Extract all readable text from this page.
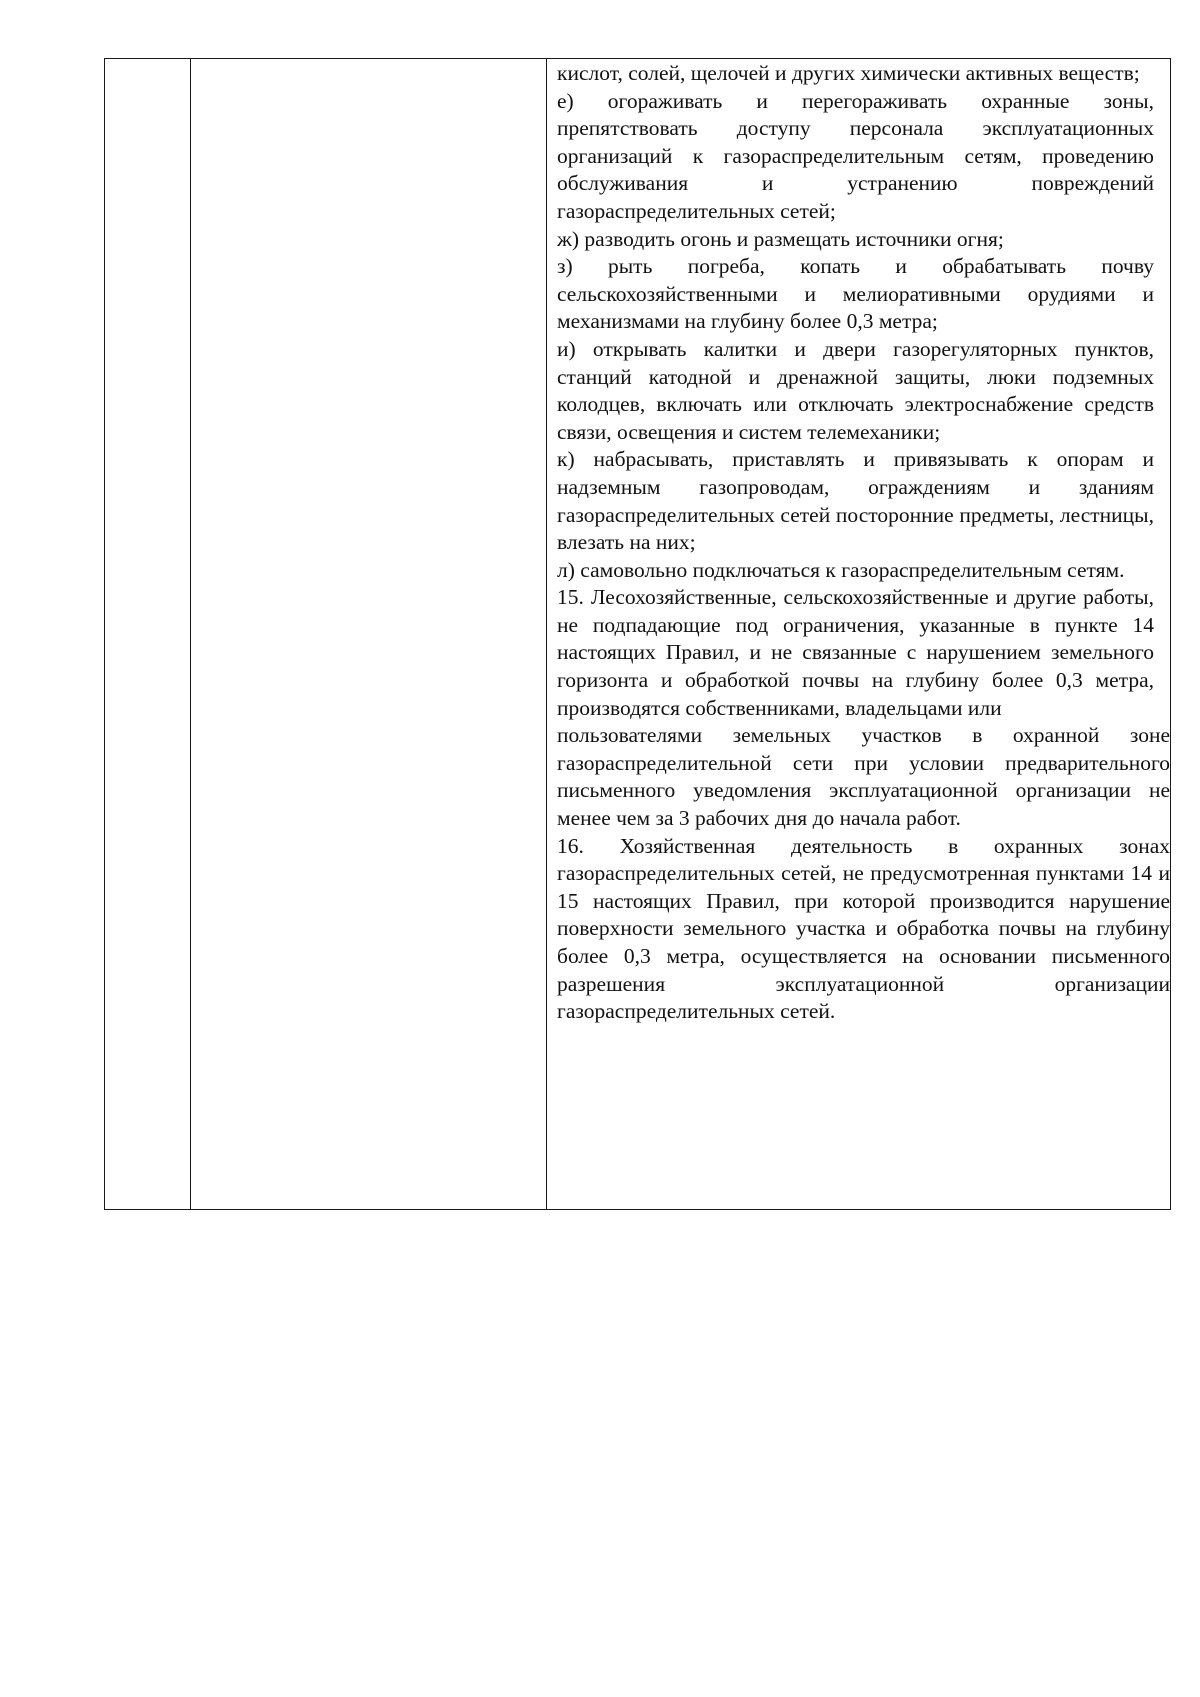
кислот, солей, щелочей и других химически активных веществ;

е) огораживать и перегораживать охранные зоны, препятствовать доступу персонала эксплуатационных организаций к газораспределительным сетям, проведению обслуживания и устранению повреждений газораспределительных сетей;

ж) разводить огонь и размещать источники огня;

з) рыть погреба, копать и обрабатывать почву сельскохозяйственными и мелиоративными орудиями и механизмами на глубину более 0,3 метра;

и) открывать калитки и двери газорегуляторных пунктов, станций катодной и дренажной защиты, люки подземных колодцев, включать или отключать электроснабжение средств связи, освещения и систем телемеханики;

к) набрасывать, приставлять и привязывать к опорам и надземным газопроводам, ограждениям и зданиям газораспределительных сетей посторонние предметы, лестницы, влезать на них;

л) самовольно подключаться к газораспределительным сетям.

15. Лесохозяйственные, сельскохозяйственные и другие работы, не подпадающие под ограничения, указанные в пункте 14 настоящих Правил, и не связанные с нарушением земельного горизонта и обработкой почвы на глубину более 0,3 метра, производятся собственниками, владельцами или

пользователями земельных участков в охранной зоне газораспределительной сети при условии предварительного письменного уведомления эксплуатационной организации не менее чем за 3 рабочих дня до начала работ.

16. Хозяйственная деятельность в охранных зонах газораспределительных сетей, не предусмотренная пунктами 14 и 15 настоящих Правил, при которой производится нарушение поверхности земельного участка и обработка почвы на глубину более 0,3 метра, осуществляется на основании письменного разрешения эксплуатационной организации газораспределительных сетей.
